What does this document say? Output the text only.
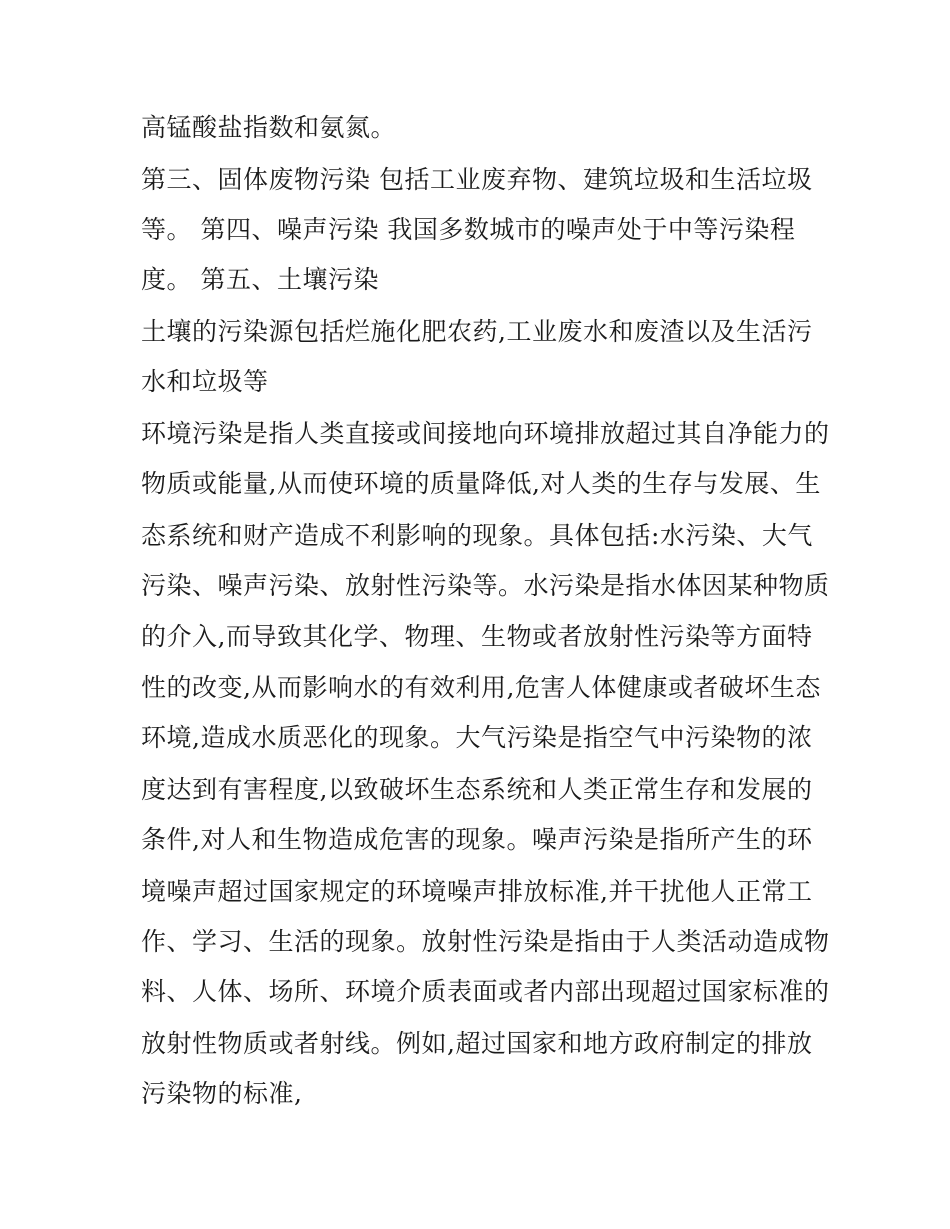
高锰酸盐指数和氨氮。
第三、固体废物污染 包括工业废弃物、建筑垃圾和生活垃圾
等。 第四、噪声污染 我国多数城市的噪声处于中等污染程
度。 第五、土壤污染
土壤的污染源包括烂施化肥农药,工业废水和废渣以及生活污
水和垃圾等
环境污染是指人类直接或间接地向环境排放超过其自净能力的
物质或能量,从而使环境的质量降低,对人类的生存与发展、生
态系统和财产造成不利影响的现象。具体包括:水污染、大气
污染、噪声污染、放射性污染等。水污染是指水体因某种物质
的介入,而导致其化学、物理、生物或者放射性污染等方面特
性的改变,从而影响水的有效利用,危害人体健康或者破坏生态
环境,造成水质恶化的现象。大气污染是指空气中污染物的浓
度达到有害程度,以致破坏生态系统和人类正常生存和发展的
条件,对人和生物造成危害的现象。噪声污染是指所产生的环
境噪声超过国家规定的环境噪声排放标准,并干扰他人正常工
作、学习、生活的现象。放射性污染是指由于人类活动造成物
料、人体、场所、环境介质表面或者内部出现超过国家标准的
放射性物质或者射线。例如,超过国家和地方政府制定的排放
污染物的标准,
